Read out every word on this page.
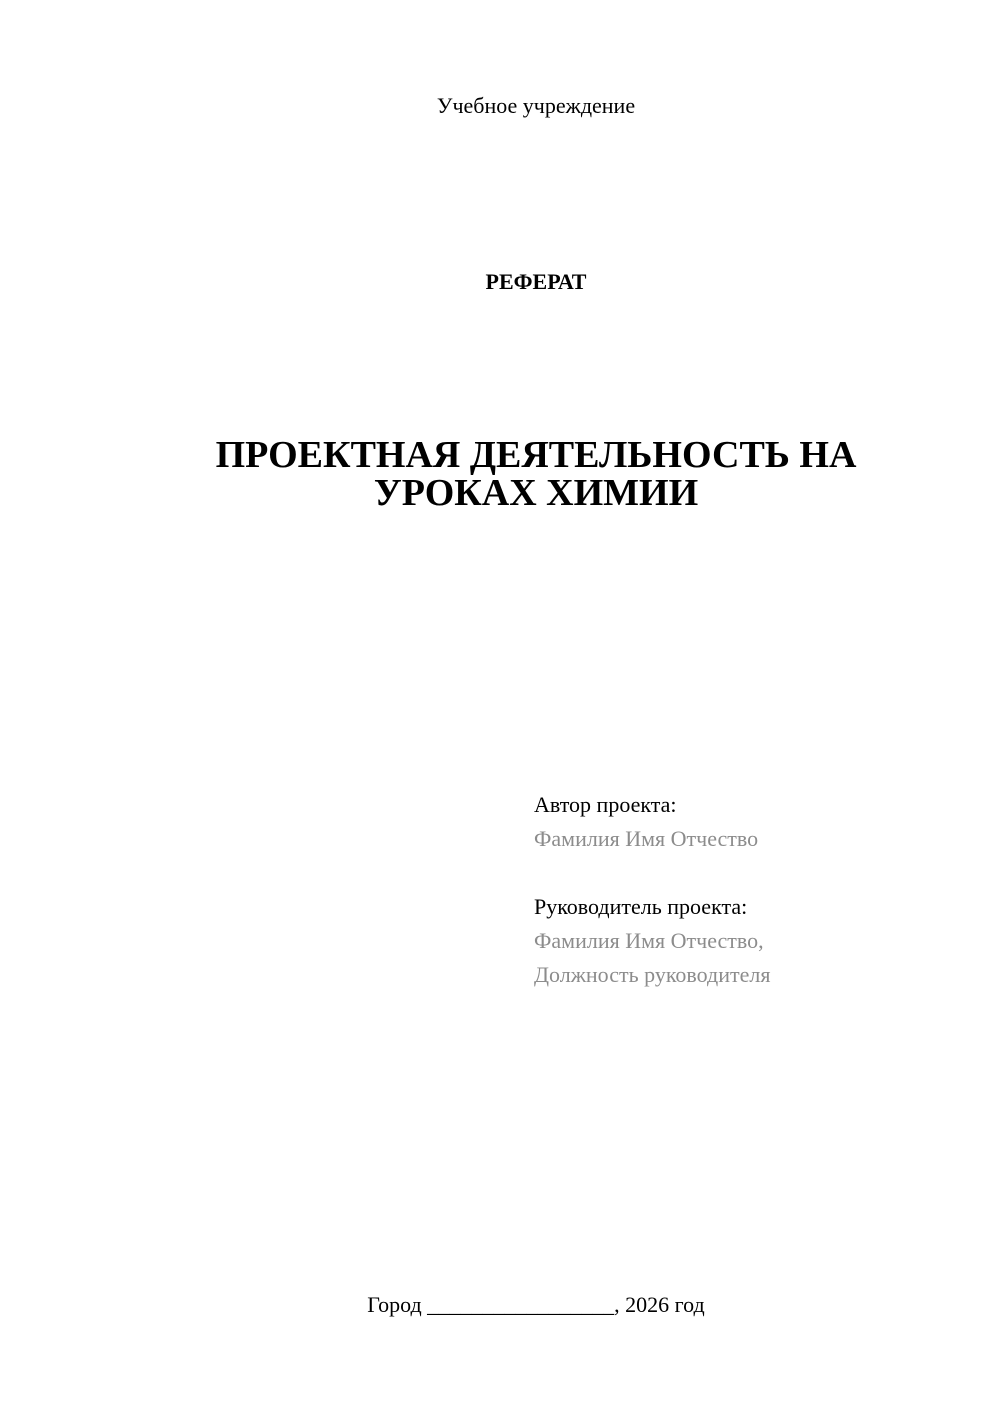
Учебное учреждение
РЕФЕРАТ
ПРОЕКТНАЯ ДЕЯТЕЛЬНОСТЬ НА
УРОКАХ ХИМИИ
Автор проекта:
Фамилия Имя Отчество
Руководитель проекта:
Фамилия Имя Отчество,
Должность руководителя
Город _________________, 2026 год
